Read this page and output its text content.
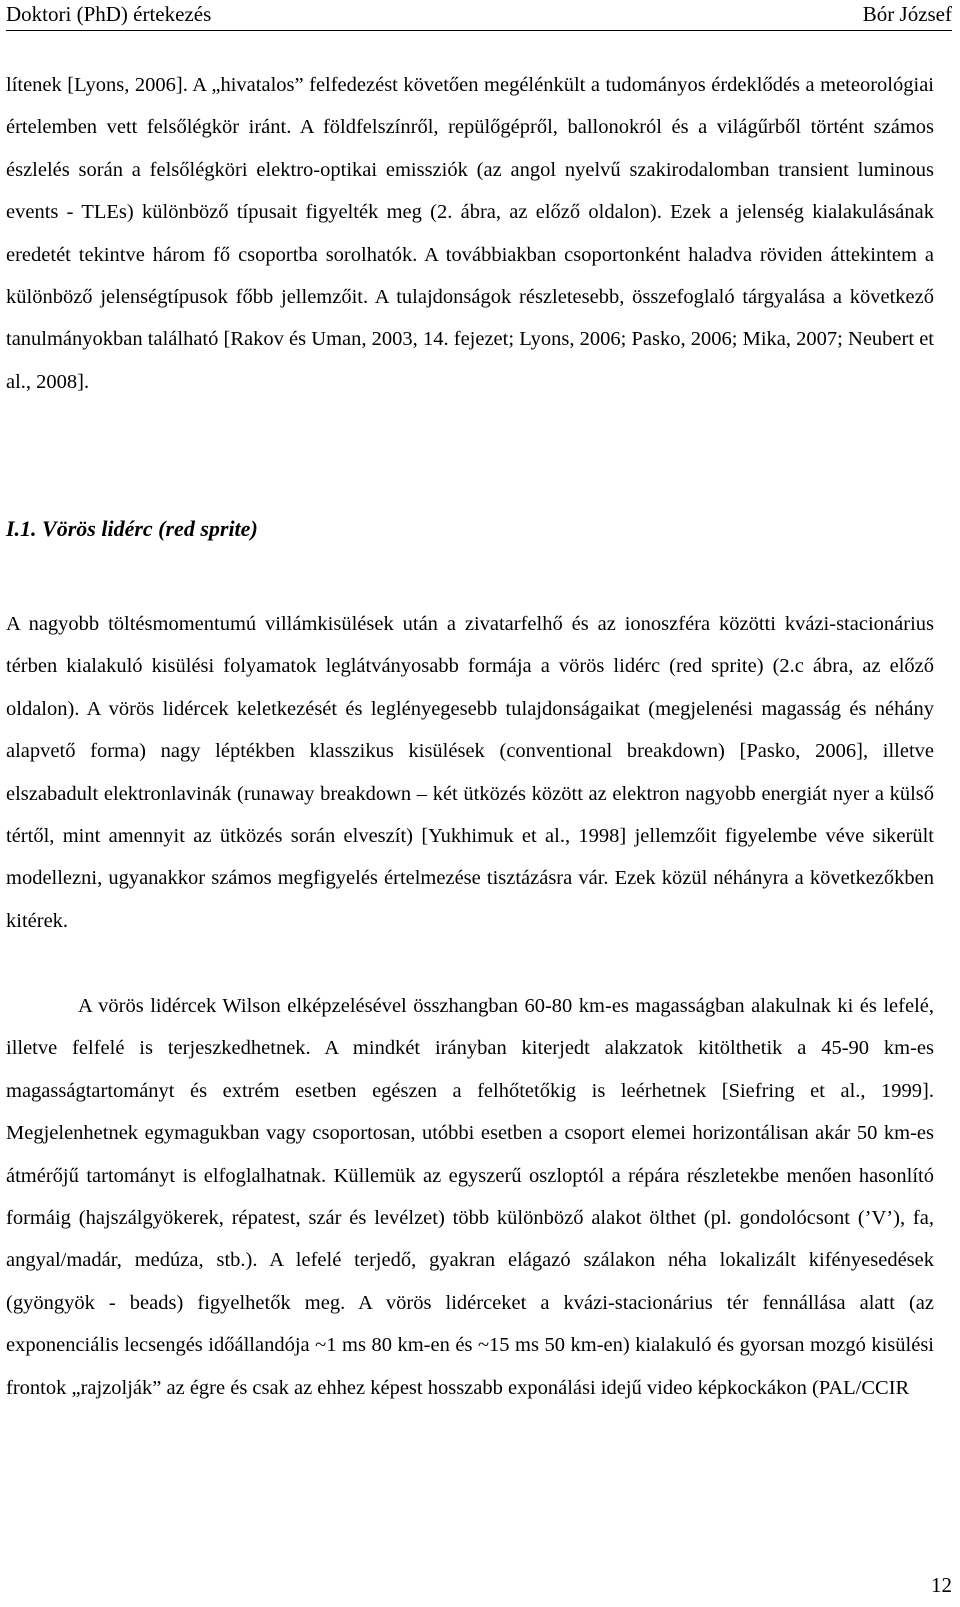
Doktori (PhD) értekezés	Bór József
lítenek [Lyons, 2006]. A „hivatalos” felfedezést követően megélénkült a tudományos érdeklődés a meteorológiai értelemben vett felsőlégkör iránt. A földfelszínről, repülőgépről, ballonokról és a világűrből történt számos észlelés során a felsőlégköri elektro-optikai emissziók (az angol nyelvű szakirodalomban transient luminous events - TLEs) különböző típusait figyelték meg (2. ábra, az előző oldalon). Ezek a jelenség kialakulásának eredetét tekintve három fő csoportba sorolhatók. A továbbiakban csoportonként haladva röviden áttekintem a különböző jelenségtípusok főbb jellemzőit. A tulajdonságok részletesebb, összefoglaló tárgyalása a következő tanulmányokban található [Rakov és Uman, 2003, 14. fejezet; Lyons, 2006; Pasko, 2006; Mika, 2007; Neubert et al., 2008].
I.1. Vörös lidérc (red sprite)
A nagyobb töltésmomentumú villámkisülések után a zivatarfelhő és az ionoszféra közötti kvázi-stacionárius térben kialakuló kisülési folyamatok leglátványosabb formája a vörös lidérc (red sprite) (2.c ábra, az előző oldalon). A vörös lidércek keletkezését és leglényegesebb tulajdonságaikat (megjelenési magasság és néhány alapvető forma) nagy léptékben klasszikus kisülések (conventional breakdown) [Pasko, 2006], illetve elszabadult elektronlavinák (runaway breakdown – két ütközés között az elektron nagyobb energiát nyer a külső tértől, mint amennyit az ütközés során elveszít) [Yukhimuk et al., 1998] jellemzőit figyelembe véve sikerült modellezni, ugyanakkor számos megfigyelés értelmezése tisztázásra vár. Ezek közül néhányra a következőkben kitérek.
A vörös lidércek Wilson elképzelésével összhangban 60-80 km-es magasságban alakulnak ki és lefelé, illetve felfelé is terjeszkedhetnek. A mindkét irányban kiterjedt alakzatok kitölthetik a 45-90 km-es magasságtartományt és extrém esetben egészen a felhőtetőkig is leérhetnek [Siefring et al., 1999]. Megjelenhetnek egymagukban vagy csoportosan, utóbbi esetben a csoport elemei horizontálisan akár 50 km-es átmérőjű tartományt is elfoglalhatnak. Küllemük az egyszerű oszloptól a répára részletekbe menően hasonlító formáig (hajszálgyökerek, répatest, szár és levélzet) több különböző alakot ölthet (pl. gondolócsont (’V’), fa, angyal/madár, medúza, stb.). A lefelé terjedő, gyakran elágazó szálakon néha lokalizált kifényesedések (gyöngyök - beads) figyelhetők meg. A vörös lidérceket a kvázi-stacionárius tér fennállása alatt (az exponenciális lecsengés időállandója ~1 ms 80 km-en és ~15 ms 50 km-en) kialakuló és gyorsan mozgó kisülési frontok „rajzolják” az égre és csak az ehhez képest hosszabb exponálási idejű video képkockákon (PAL/CCIR
12
